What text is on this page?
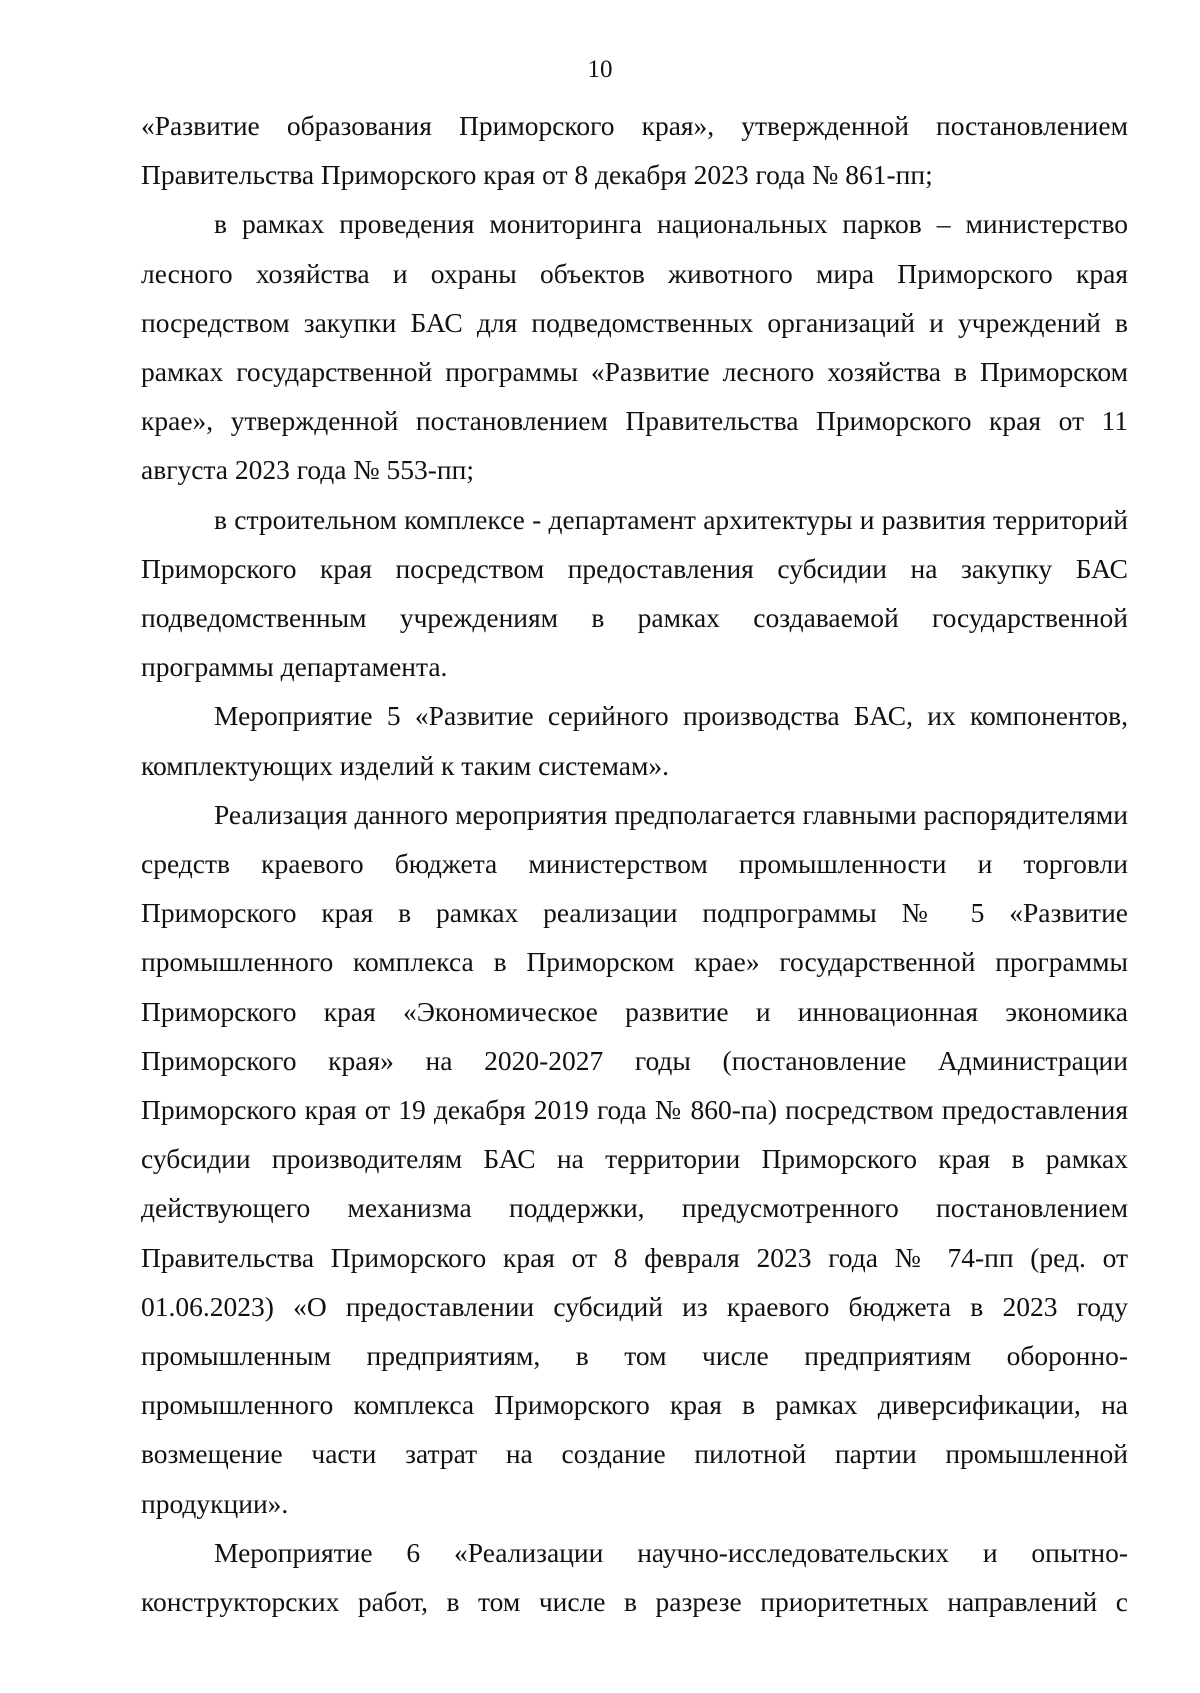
10

«Развитие образования Приморского края», утвержденной постановлением Правительства Приморского края от 8 декабря 2023 года № 861-пп;

в рамках проведения мониторинга национальных парков – министерство лесного хозяйства и охраны объектов животного мира Приморского края посредством закупки БАС для подведомственных организаций и учреждений в рамках государственной программы «Развитие лесного хозяйства в Приморском крае», утвержденной постановлением Правительства Приморского края от 11 августа 2023 года № 553-пп;

в строительном комплексе - департамент архитектуры и развития территорий Приморского края посредством предоставления субсидии на закупку БАС подведомственным учреждениям в рамках создаваемой государственной программы департамента.

Мероприятие 5 «Развитие серийного производства БАС, их компонентов, комплектующих изделий к таким системам».

Реализация данного мероприятия предполагается главными распорядителями средств краевого бюджета министерством промышленности и торговли Приморского края в рамках реализации подпрограммы № 5 «Развитие промышленного комплекса в Приморском крае» государственной программы Приморского края «Экономическое развитие и инновационная экономика Приморского края» на 2020-2027 годы (постановление Администрации Приморского края от 19 декабря 2019 года № 860-па) посредством предоставления субсидии производителям БАС на территории Приморского края в рамках действующего механизма поддержки, предусмотренного постановлением Правительства Приморского края от 8 февраля 2023 года № 74-пп (ред. от 01.06.2023) «О предоставлении субсидий из краевого бюджета в 2023 году промышленным предприятиям, в том числе предприятиям оборонно-промышленного комплекса Приморского края в рамках диверсификации, на возмещение части затрат на создание пилотной партии промышленной продукции».

Мероприятие 6 «Реализации научно-исследовательских и опытно-конструкторских работ, в том числе в разрезе приоритетных направлений с
